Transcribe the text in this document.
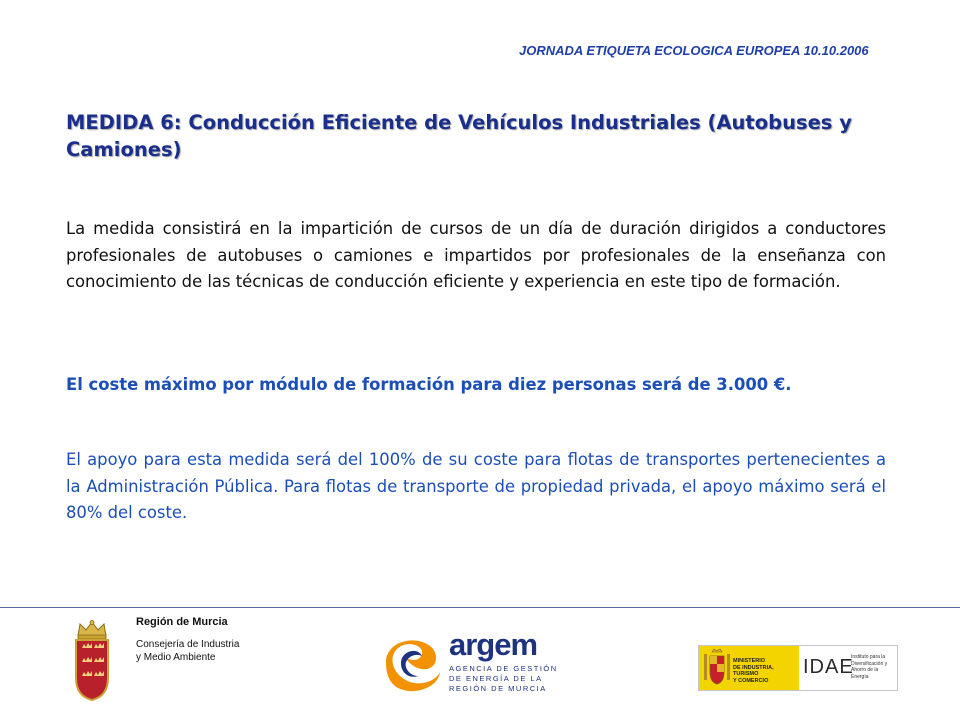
JORNADA ETIQUETA ECOLOGICA EUROPEA 10.10.2006
MEDIDA 6: Conducción Eficiente de Vehículos Industriales (Autobuses y Camiones)
La medida consistirá en la impartición de cursos de un día de duración dirigidos a conductores profesionales de autobuses o camiones e impartidos por profesionales de la enseñanza con conocimiento de las técnicas de conducción eficiente y experiencia en este tipo de formación.
El coste máximo por módulo de formación para diez personas será de 3.000 €.
El apoyo para esta medida será del 100% de su coste para flotas de transportes pertenecientes a la Administración Pública. Para flotas de transporte de propiedad privada, el apoyo máximo será el 80% del coste.
Región de Murcia
Consejería de Industria
y Medio Ambiente	argem
AGENCIA DE GESTIÓN
DE ENERGÍA DE LA
REGIÓN DE MURCIA
MINISTERIO
DE INDUSTRIA, TURISMO
Y COMERCIO
IDAE
Instituto para la
Diversificación y
Ahorro de la Energía
